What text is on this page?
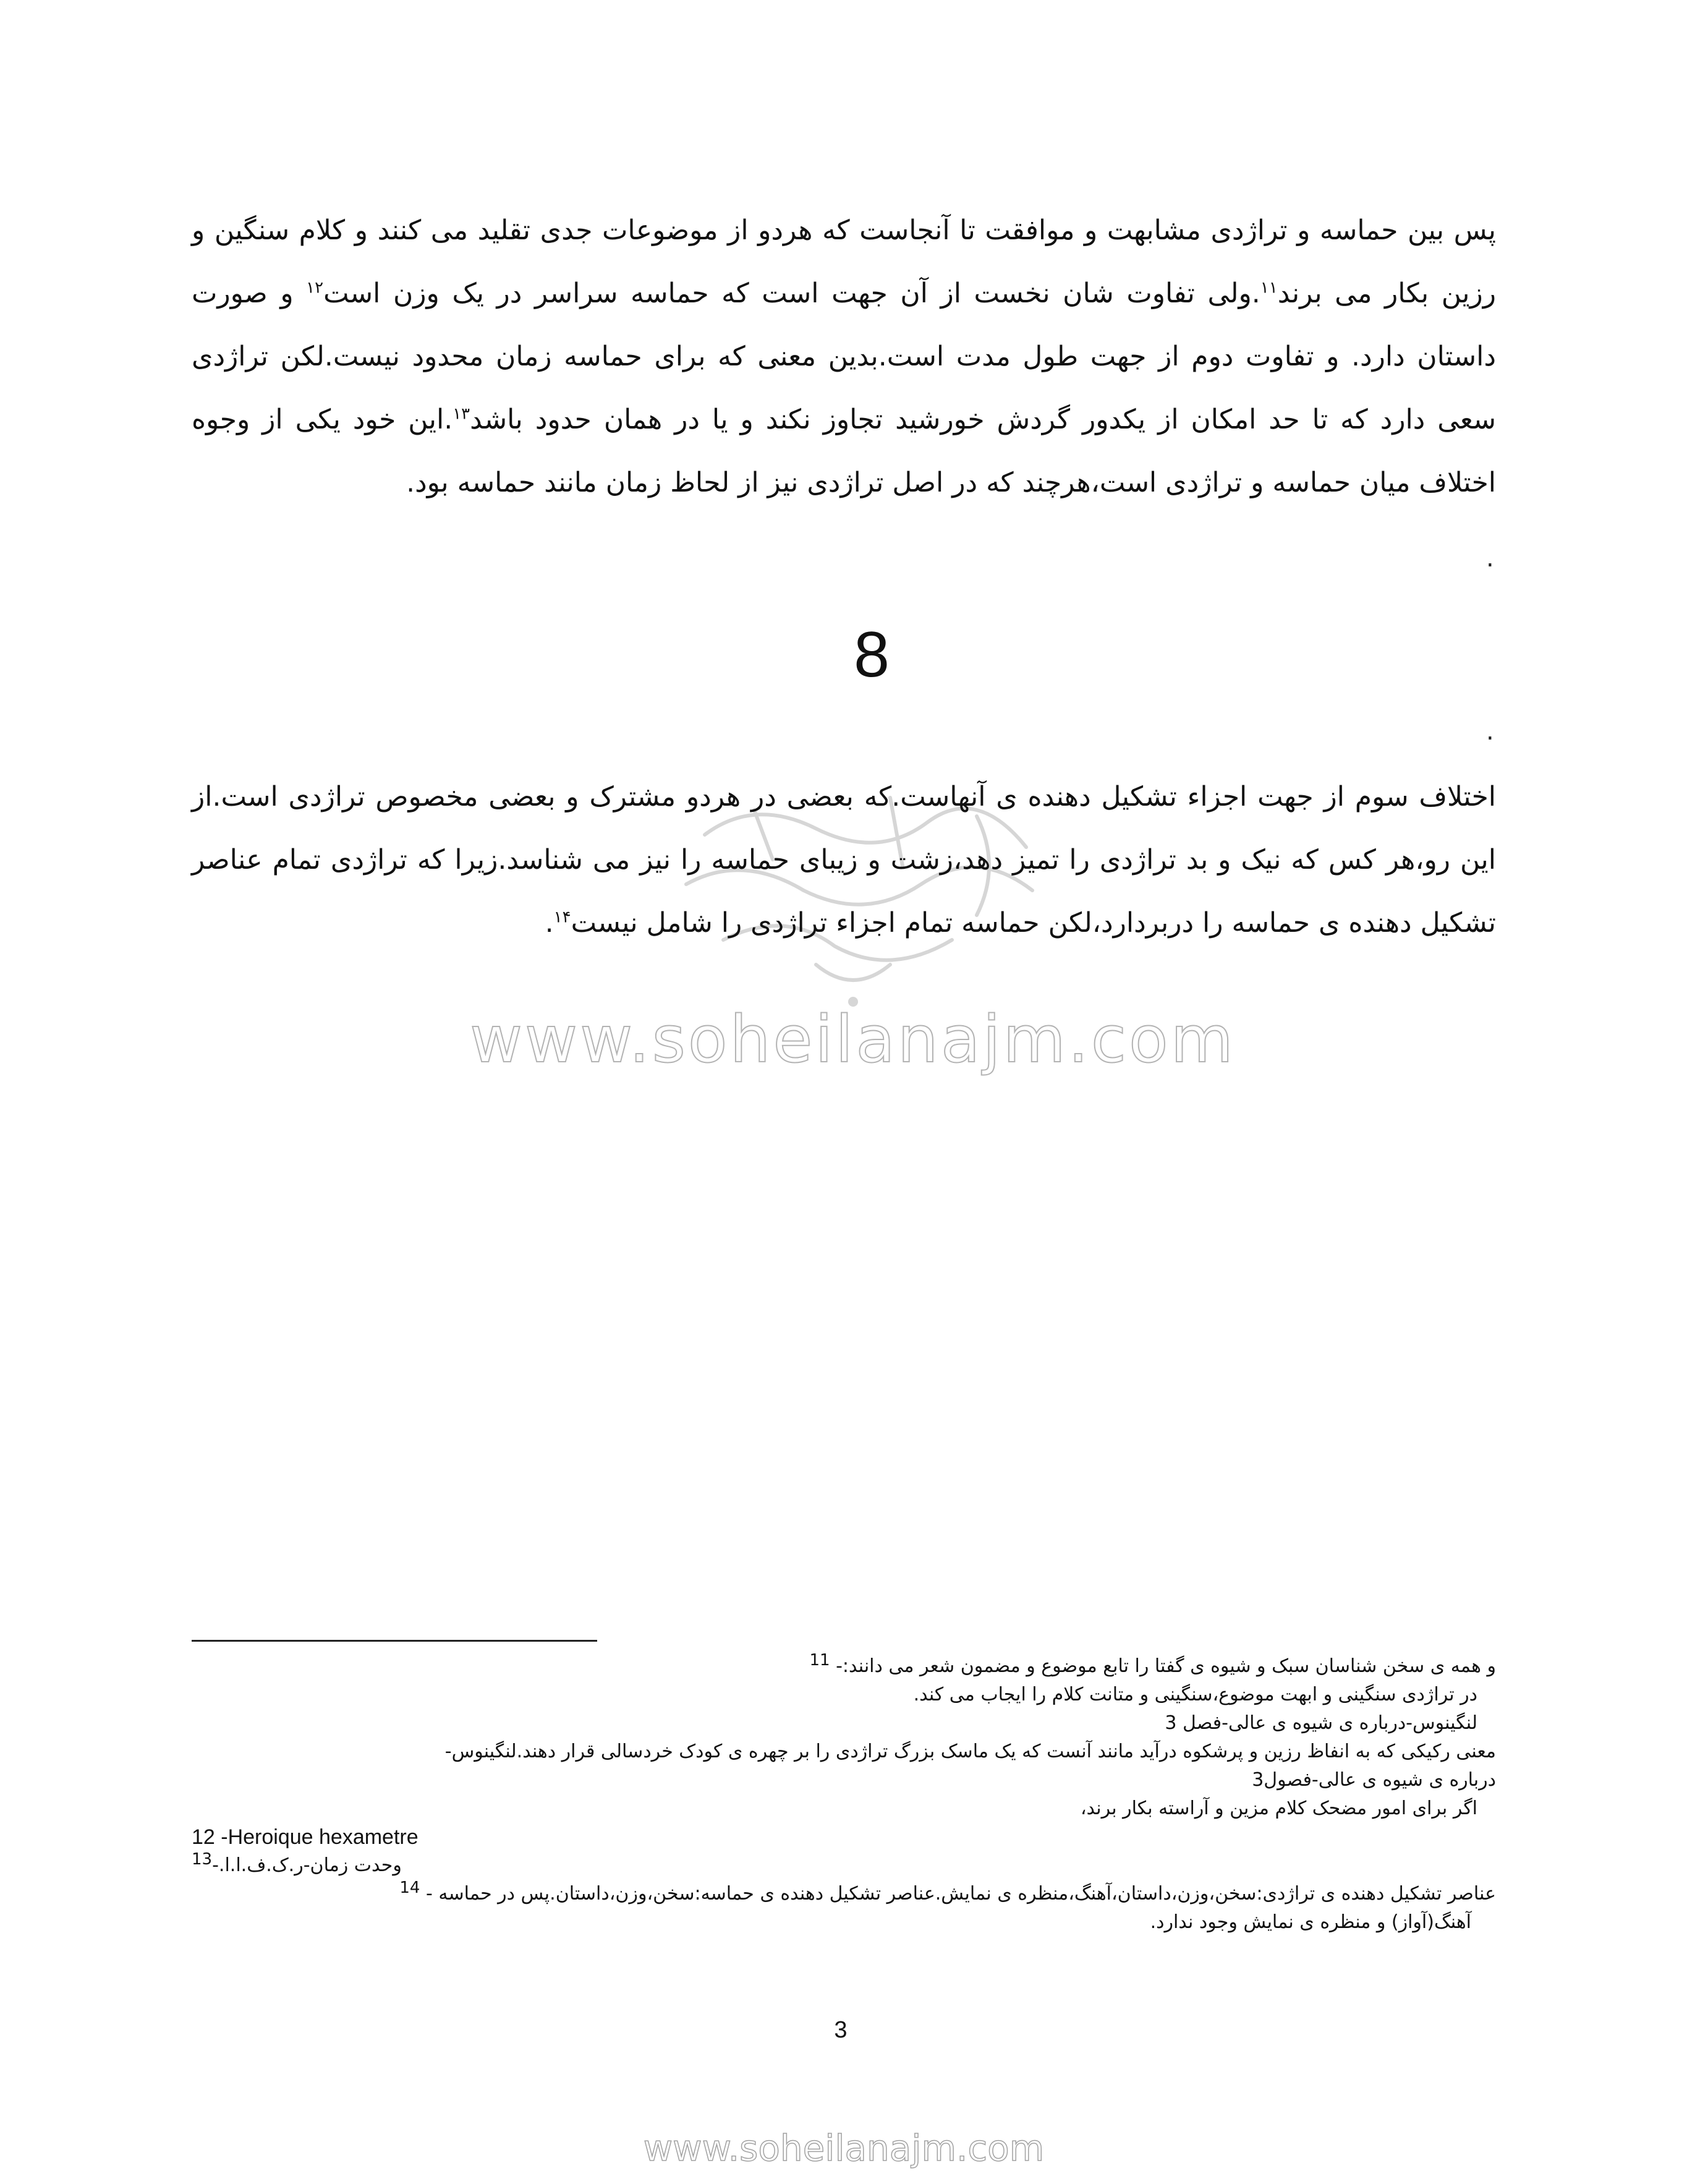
پس بین حماسه و تراژدی مشابهت و موافقت تا آنجاست که هردو از موضوعات جدی تقلید می کنند و کلام سنگین و رزین بکار می برند$^{۱۱}$.ولی تفاوت شان نخست از آن جهت است که حماسه سراسر در یک وزن است$^{۱۲}$ و صورت داستان دارد. و تفاوت دوم از جهت طول مدت است.بدین معنی که برای حماسه زمان محدود نیست.لکن تراژدی سعی دارد که تا حد امکان از یکدور گردش خورشید تجاوز نکند و یا در همان حدود باشد$^{۱۳}$.این خود یکی از وجوه اختلاف میان حماسه و تراژدی است،هرچند که در اصل تراژدی نیز از لحاظ زمان مانند حماسه بود.

.
8
.

اختلاف سوم از جهت اجزاء تشکیل دهنده ی آنهاست.که بعضی در هردو مشترک و بعضی مخصوص تراژدی است.از این رو،هر کس که نیک و بد تراژدی را تمیز دهد،زشت و زیبای حماسه را نیز می شناسد.زیرا که تراژدی تمام عناصر تشکیل دهنده ی حماسه را دربردارد،لکن حماسه تمام اجزاء تراژدی را شامل نیست$^{۱۴}$.

www.soheilanajm.com
و همه ی سخن شناسان سبک و شیوه ی گفتا را تابع موضوع و مضمون شعر می دانند:- $^{11}$
در تراژدی سنگینی و ابهت موضوع،سنگینی و متانت کلام را ایجاب می کند.
لنگینوس-درباره ی شیوه ی عالی-فصل 3
معنی رکیکی که به انفاظ رزین و پرشکوه درآید مانند آنست که یک ماسک بزرگ تراژدی را بر چهره ی کودک خردسالی قرار دهند.لنگینوس-
درباره ی شیوه ی عالی-فصول3
اگر برای امور مضحک کلام مزین و آراسته بکار برند،
12 -Heroique hexametre
$^{13}$وحدت زمان-ر.ک.ف.ا.ا.-
عناصر تشکیل دهنده ی تراژدی:سخن،وزن،داستان،آهنگ،منظره ی نمایش.عناصر تشکیل دهنده ی حماسه:سخن،وزن،داستان.پس در حماسه - $^{14}$
آهنگ(آواز) و منظره ی نمایش وجود ندارد.
3
www.soheilanajm.com
